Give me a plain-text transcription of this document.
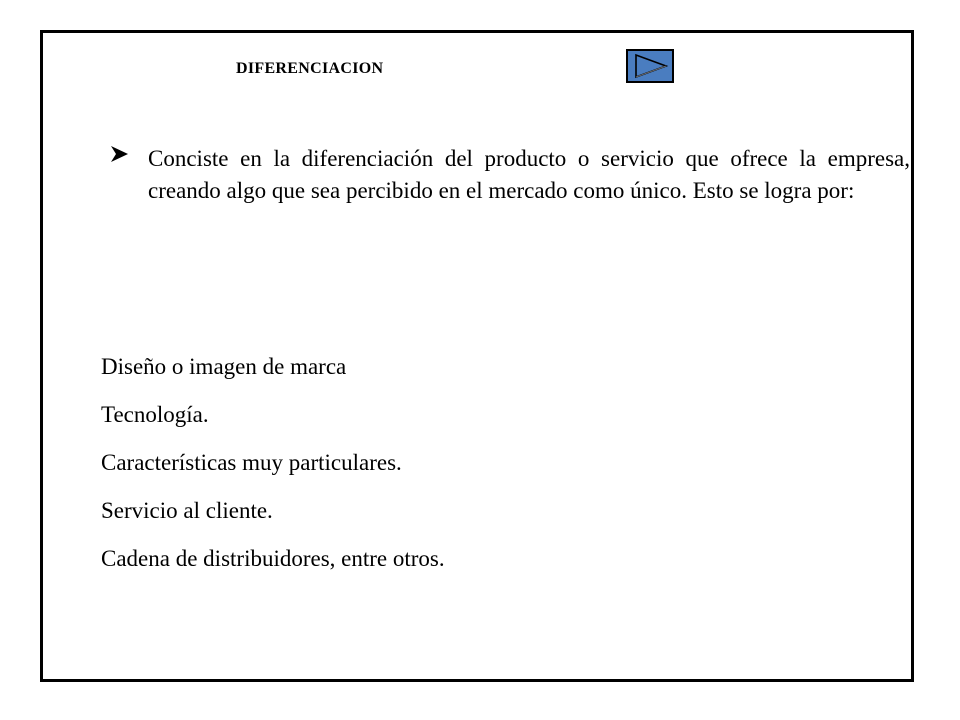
DIFERENCIACION
Conciste en la diferenciación del producto o servicio que ofrece la empresa, creando algo que sea percibido en el mercado como único. Esto se logra por:
Diseño o imagen de marca
Tecnología.
Características muy particulares.
Servicio al cliente.
Cadena de distribuidores, entre otros.
